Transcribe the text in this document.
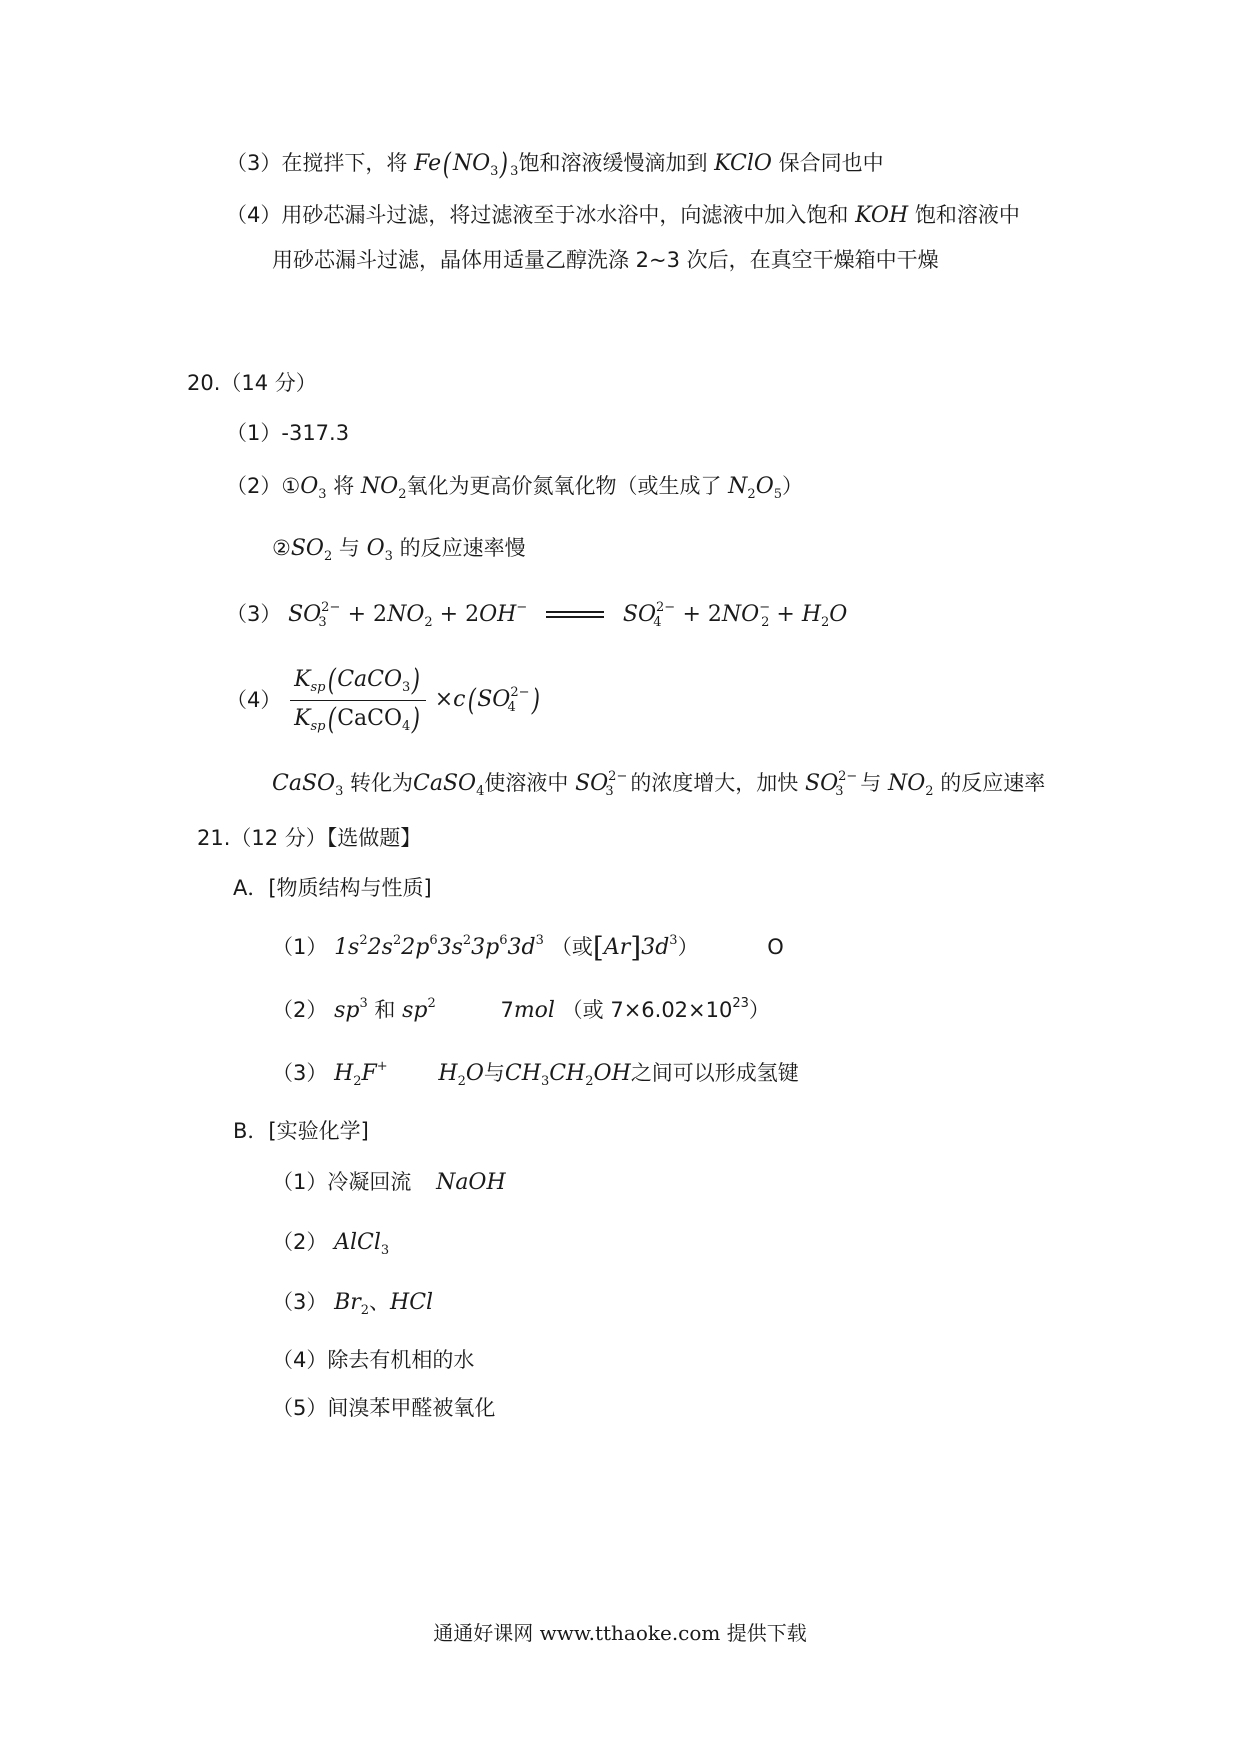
（3）在搅拌下，将 $Fe(NO_3)$ $_3$饱和溶液缓慢滴加到 KClO 保合同也中
（4）用砂芯漏斗过滤，将过滤液至于冰水浴中，向滤液中加入饱和 KOH 饱和溶液中
用砂芯漏斗过滤，晶体用适量乙醇洗涤 2~3 次后，在真空干燥箱中干燥
20.（14 分）
（1）-317.3
$(2)①O_3$ 将 $NO_2$氧化为更高价氮氧化物（或生成了 $N_2O_5$）
$②SO_2$ 与 $O_3$ 的反应速率慢
（3） $SO^{2-}_3 + 2NO_2 + 2OH^-$	$SO^{2-}_4 + 2NO^-_2 + H_2O$
$(4) \frac{K_{sp}(CaCO_3)}{K_{sp}(CaCO_4)} \times c(SO^{2-}_4$ )
CaSO$_3$ 转化为CaSO$_4$使溶液中 $SO^{2-}_3$ 的浓度增大，加快 $SO^{2-}_3$ 与 $NO_2$ 的反应速率
21.（12 分）【选做题】
A．[物质结构与性质]
（1） $1s^22s^22p^63s^23p^63d^3$ （或$[Ar]3d^3$）	O
（2） $sp^3$ 和 $sp^2$	7mol （或 $7\times 6.02\times 10^{23}$）
（3） $H_2F^+$ $H_2O$与$CH_3CH_2OH$之间可以形成氢键
B．[实验化学]
（1）冷凝回流 NaOH
（2） AlCl$_3$
（3） $Br_2$、HCl
（4）除去有机相的水
（5）间溴苯甲醛被氧化
通通好课网 www.tthaoke.com 提供下载
